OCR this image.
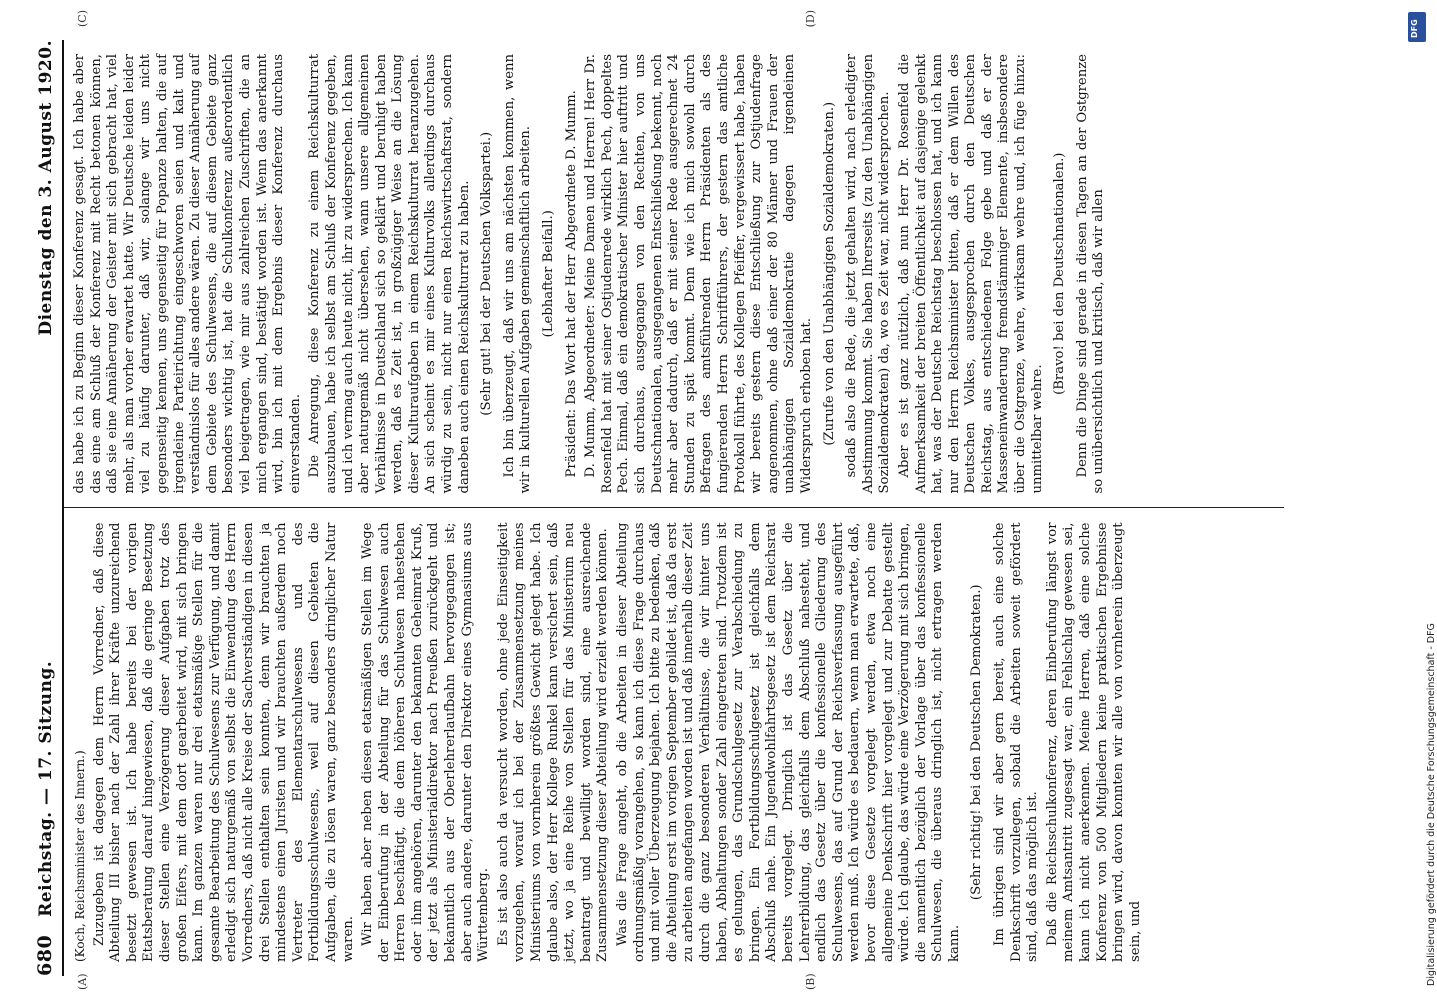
680
Reichstag. — 17. Sitzung.
Dienstag den 3. August 1920.
(A)	(B)

(Koch, Reichsminister des Innern.) Zuzugeben ist dagegen dem Herrn Vorredner, daß diese Abteilung III bisher nach der Zahl ihrer Kräfte unzureichend besetzt gewesen ist. Ich habe bereits bei der vorigen Etatsberatung darauf hingewiesen, daß die geringe Besetzung dieser Stellen eine Verzögerung dieser Aufgaben trotz des großen Eifers, mit dem dort gearbeitet wird, mit sich bringen kann. Im ganzen waren nur drei etatsmäßige Stellen für die gesamte Bearbeitung des Schulwesens zur Verfügung, und damit erledigt sich naturgemäß von selbst die Einwendung des Herrn Vorredners, daß nicht alle Kreise der Sachverständigen in diesen drei Stellen enthalten sein konnten, denn wir brauchten ja mindestens einen Juristen und wir brauchten außerdem noch Vertreter des Elementarschulwesens und des Fortbildungsschulwesens, weil auf diesen Gebieten die Aufgaben, die zu lösen waren, ganz besonders dringlicher Natur waren. Wir haben aber neben diesen etatsmäßigen Stellen im Wege der Einberufung in der Abteilung für das Schulwesen auch Herren beschäftigt, die dem höheren Schulwesen nahestehen oder ihm angehören, darunter den bekannten Geheimrat Kruß, der jetzt als Ministerialdirektor nach Preußen zurückgeht und bekanntlich aus der Oberlehrerlaufbahn hervorgegangen ist; aber auch andere, darunter den Direktor eines Gymnasiums aus Württemberg. Es ist also auch da versucht worden, ohne jede Einseitigkeit vorzugehen, worauf ich bei der Zusammensetzung meines Ministeriums von vornherein größtes Gewicht gelegt habe. Ich glaube also, der Herr Kollege Runkel kann versichert sein, daß jetzt, wo ja eine Reihe von Stellen für das Ministerium neu beantragt und bewilligt worden sind, eine ausreichende Zusammensetzung dieser Abteilung wird erzielt werden können. Was die Frage angeht, ob die Arbeiten in dieser Abteilung ordnungsmäßig vorangehen, so kann ich diese Frage durchaus und mit voller Überzeugung bejahen. Ich bitte zu bedenken, daß die Abteilung erst im vorigen September gebildet ist, daß da erst zu arbeiten angefangen worden ist und daß innerhalb dieser Zeit durch die ganz besonderen Verhältnisse, die wir hinter uns haben, Abhaltungen sonder Zahl eingetreten sind. Trotzdem ist es gelungen, das Grundschulgesetz zur Verabschiedung zu bringen. Ein Fortbildungsschulgesetz ist gleichfalls dem Abschluß nahe. Ein Jugendwohlfahrtsgesetz ist dem Reichsrat bereits vorgelegt. Dringlich ist das Gesetz über die Lehrerbildung, das gleichfalls dem Abschluß nahesteht, und endlich das Gesetz über die konfessionelle Gliederung des Schulwesens, das auf Grund der Reichsverfassung ausgeführt werden muß. Ich würde es bedauern, wenn man erwartete, daß, bevor diese Gesetze vorgelegt werden, etwa noch eine allgemeine Denkschrift hier vorgelegt und zur Debatte gestellt würde. Ich glaube, das würde eine Verzögerung mit sich bringen, die namentlich bezüglich der Vorlage über das konfessionelle Schulwesen, die überaus dringlich ist, nicht ertragen werden kann.

(Sehr richtig! bei den Deutschen Demokraten.) Im übrigen sind wir aber gern bereit, auch eine solche Denkschrift vorzulegen, sobald die Arbeiten soweit gefördert sind, daß das möglich ist. Daß die Reichsschulkonferenz, deren Einberufung längst vor meinem Amtsantritt zugesagt war, ein Fehlschlag gewesen sei, kann ich nicht anerkennen. Meine Herren, daß eine solche Konferenz von 500 Mitgliedern keine praktischen Ergebnisse bringen wird, davon konnten wir alle von vornherein überzeugt sein, und

(C)	(D)

das habe ich zu Beginn dieser Konferenz gesagt. Ich habe aber das eine am Schluß der Konferenz mit Recht betonen können, daß sie eine Annäherung der Geister mit sich gebracht hat, viel mehr, als man vorher erwartet hatte. Wir Deutsche leiden leider viel zu häufig darunter, daß wir, solange wir uns nicht gegenseitig kennen, uns gegenseitig für Popanze halten, die auf irgendeine Parteirichtung eingeschworen seien und kalt und verständnislos für alles andere wären. Zu dieser Annäherung auf dem Gebiete des Schulwesens, die auf diesem Gebiete ganz besonders wichtig ist, hat die Schulkonferenz außerordentlich viel beigetragen, wie mir aus zahlreichen Zuschriften, die an mich ergangen sind, bestätigt worden ist. Wenn das anerkannt wird, bin ich mit dem Ergebnis dieser Konferenz durchaus einverstanden. Die Anregung, diese Konferenz zu einem Reichskulturrat auszubauen, habe ich selbst am Schluß der Konferenz gegeben, und ich vermag auch heute nicht, ihr zu widersprechen. Ich kann aber naturgemäß nicht übersehen, wann unsere allgemeinen Verhältnisse in Deutschland sich so geklärt und beruhigt haben werden, daß es Zeit ist, in großzügiger Weise an die Lösung dieser Kulturaufgaben in einem Reichskulturrat heranzugehen. An sich scheint es mir eines Kulturvolks allerdings durchaus würdig zu sein, nicht nur einen Reichswirtschaftsrat, sondern daneben auch einen Reichskulturrat zu haben. (Sehr gut! bei der Deutschen Volkspartei.) Ich bin überzeugt, daß wir uns am nächsten kommen, wenn wir in kulturellen Aufgaben gemeinschaftlich arbeiten. (Lebhafter Beifall.) Präsident: Das Wort hat der Herr Abgeordnete D. Mumm. D. Mumm, Abgeordneter: Meine Damen und Herren! Herr Dr. Rosenfeld hat mit seiner Ostjudenrede wirklich Pech, doppeltes Pech. Einmal, daß ein demokratischer Minister hier auftritt und sich durchaus, ausgegangen von den Rechten, von uns Deutschnationalen, ausgegangenen Entschließung bekennt, noch mehr aber dadurch, daß er mit seiner Rede ausgerechnet 24 Stunden zu spät kommt. Denn wie ich mich sowohl durch Befragen des amtsführenden Herrn Präsidenten als des fungierenden Herrn Schriftführers, der gestern das amtliche Protokoll führte, des Kollegen Pfeiffer, vergewissert habe, haben wir bereits gestern diese Entschließung zur Ostjudenfrage angenommen, ohne daß einer der 80 Männer und Frauen der unabhängigen Sozialdemokratie dagegen irgendeinen Widerspruch erhoben hat. (Zurufe von den Unabhängigen Sozialdemokraten.) sodaß also die Rede, die jetzt gehalten wird, nach erledigter Abstimmung kommt. Sie haben Ihrerseits (zu den Unabhängigen Sozialdemokraten) da, wo es Zeit war, nicht widersprochen. Aber es ist ganz nützlich, daß nun Herr Dr. Rosenfeld die Aufmerksamkeit der breiten Öffentlichkeit auf dasjenige gelenkt hat, was der Deutsche Reichstag beschlossen hat, und ich kann nur den Herrn Reichsminister bitten, daß er dem Willen des Deutschen Volkes, ausgesprochen durch den Deutschen Reichstag, aus entschiedenen Folge gebe und daß er der Masseneinwanderung fremdstämmiger Elemente, insbesondere über die Ostgrenze, wehre, wirksam wehre und, ich füge hinzu: unmittelbar wehre.

(Bravo! bei den Deutschnationalen.) Denn die Dinge sind gerade in diesen Tagen an der Ostgrenze so unübersichtlich und kritisch, daß wir allen

DFG
Digitalisierung gefördert durch die Deutsche Forschungsgemeinschaft - DFG
